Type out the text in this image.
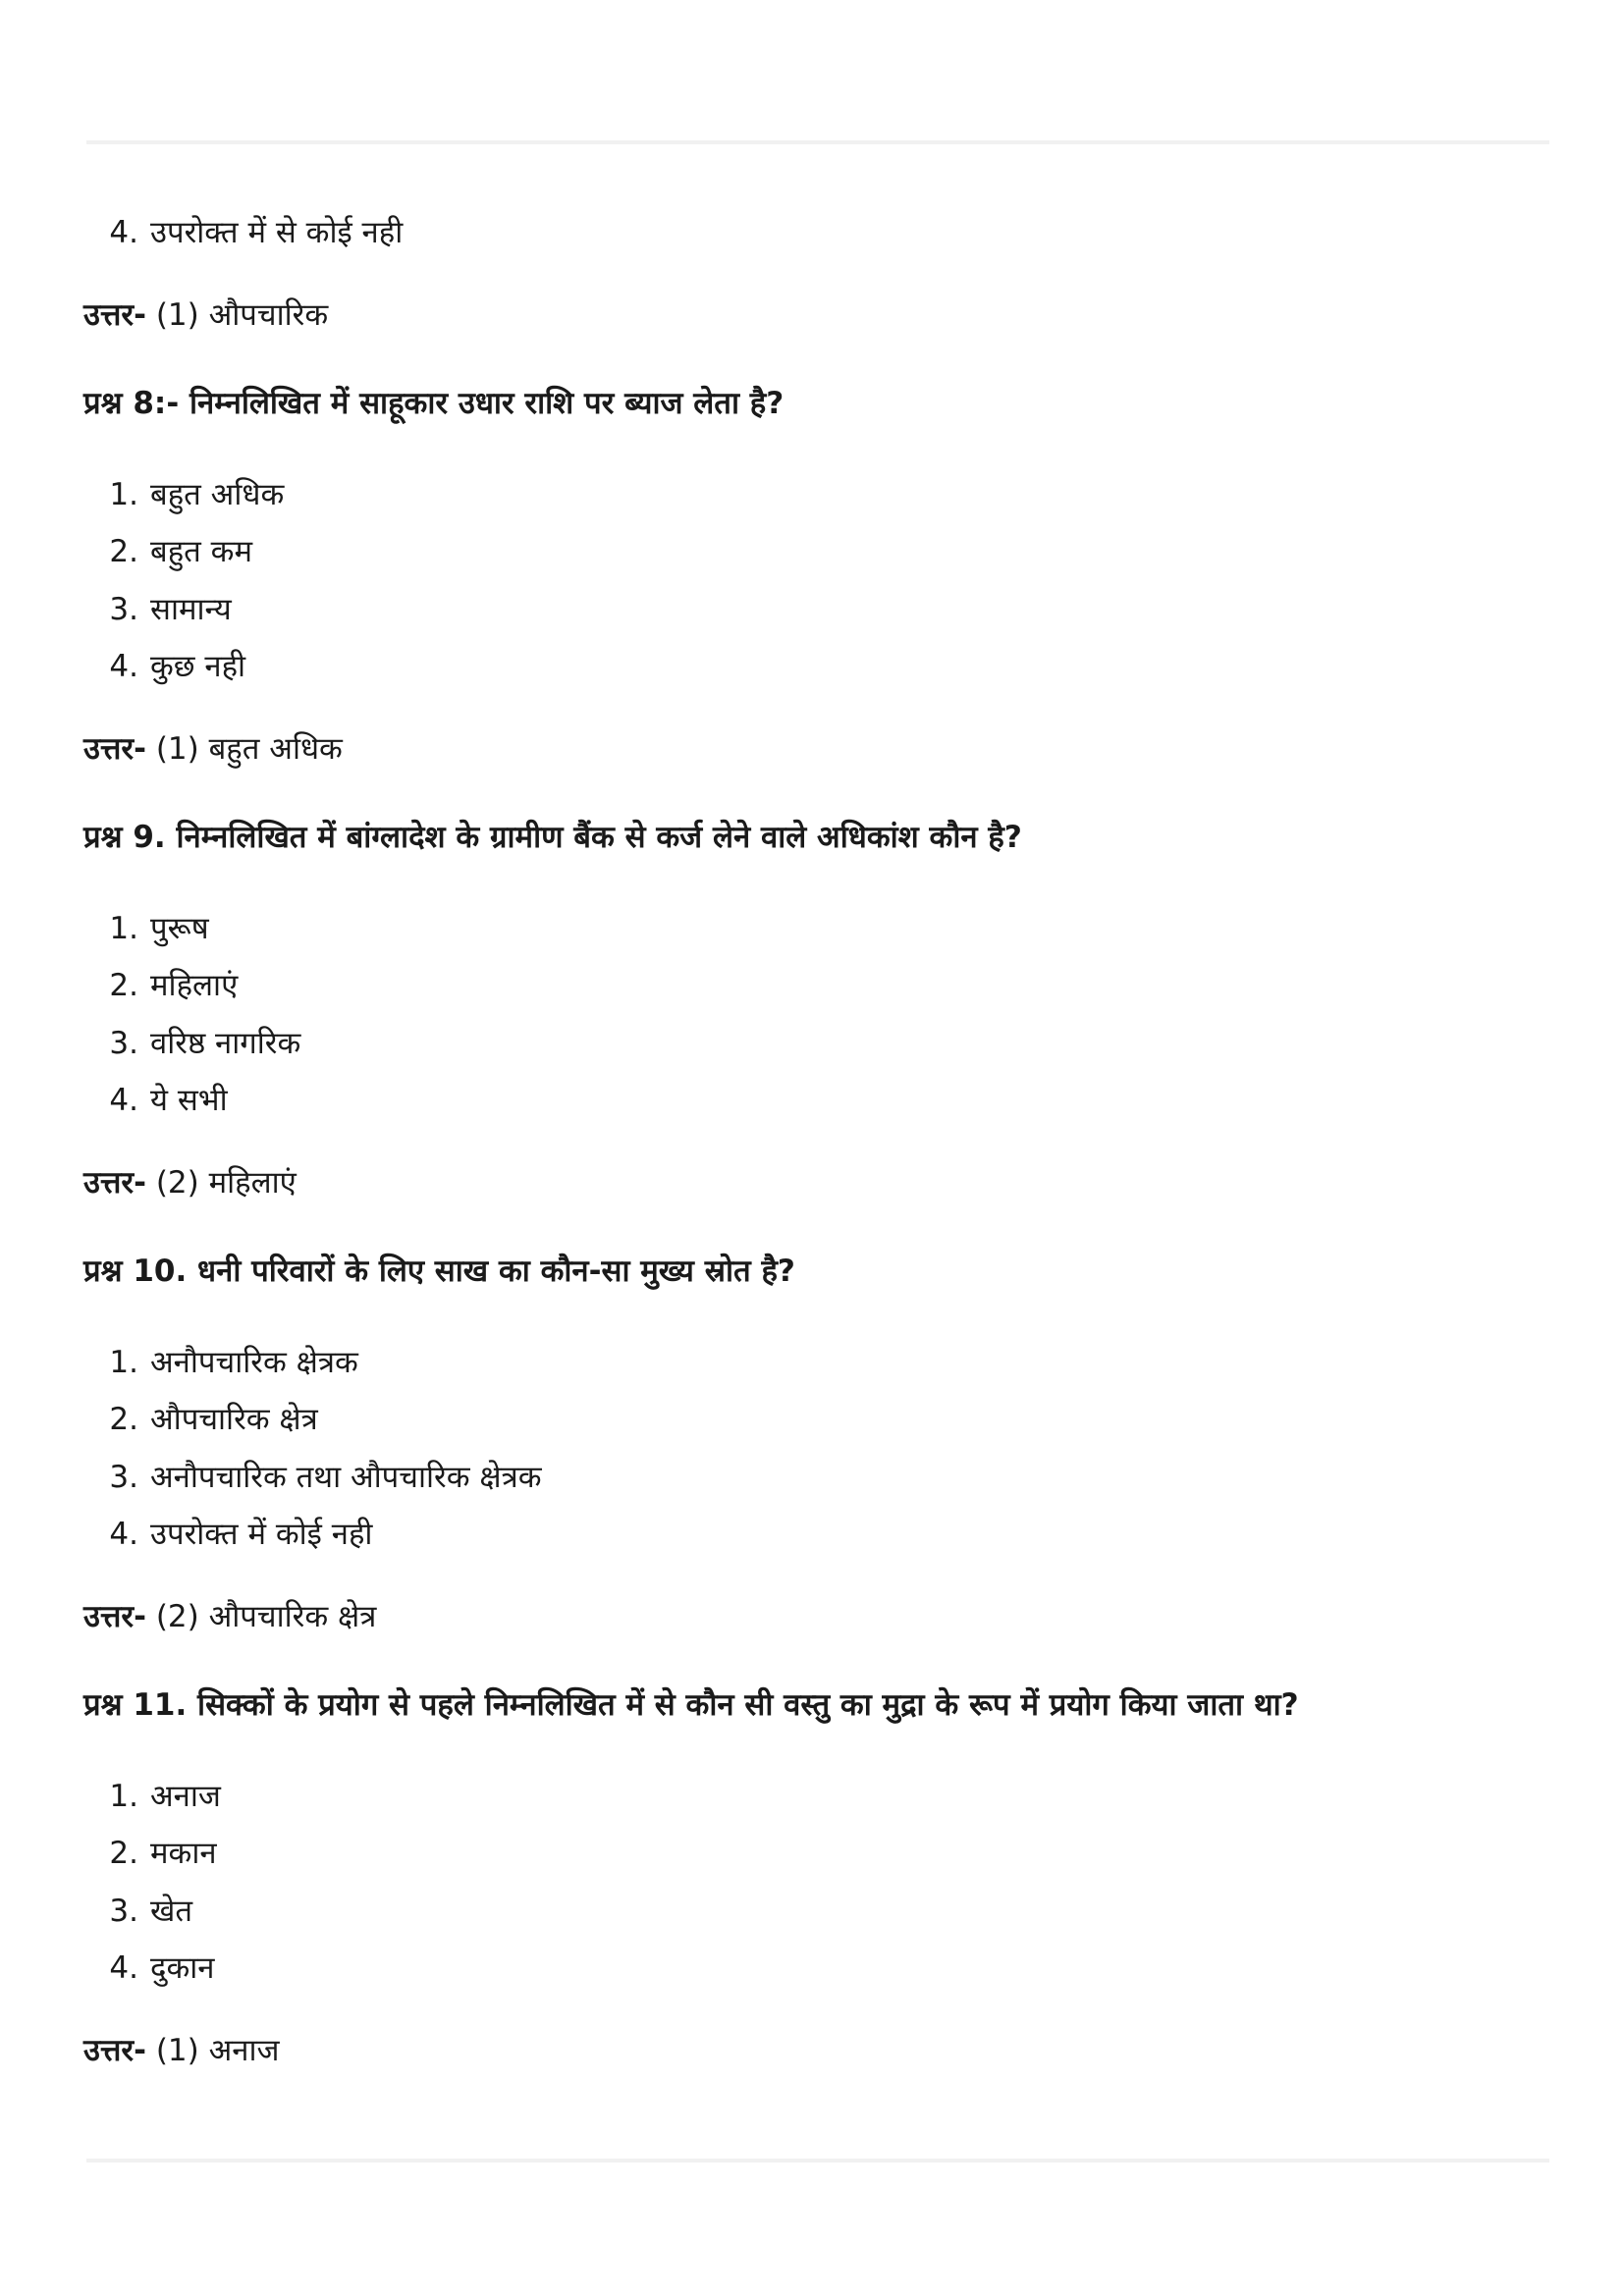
4. उपरोक्त में से कोई नही
उत्तर- (1) औपचारिक
प्रश्न 8:- निम्नलिखित में साहूकार उधार राशि पर ब्याज लेता है?
1. बहुत अधिक
2. बहुत कम
3. सामान्य
4. कुछ नही
उत्तर- (1) बहुत अधिक
प्रश्न 9. निम्नलिखित में बांग्लादेश के ग्रामीण बैंक से कर्ज लेने वाले अधिकांश कौन है?
1. पुरूष
2. महिलाएं
3. वरिष्ठ नागरिक
4. ये सभी
उत्तर- (2) महिलाएं
प्रश्न 10. धनी परिवारों के लिए साख का कौन-सा मुख्य स्रोत है?
1. अनौपचारिक क्षेत्रक
2. औपचारिक क्षेत्र
3. अनौपचारिक तथा औपचारिक क्षेत्रक
4. उपरोक्त में कोई नही
उत्तर- (2) औपचारिक क्षेत्र
प्रश्न 11. सिक्कों के प्रयोग से पहले निम्नलिखित में से कौन सी वस्तु का मुद्रा के रूप में प्रयोग किया जाता था?
1. अनाज
2. मकान
3. खेत
4. दुकान
उत्तर- (1) अनाज
